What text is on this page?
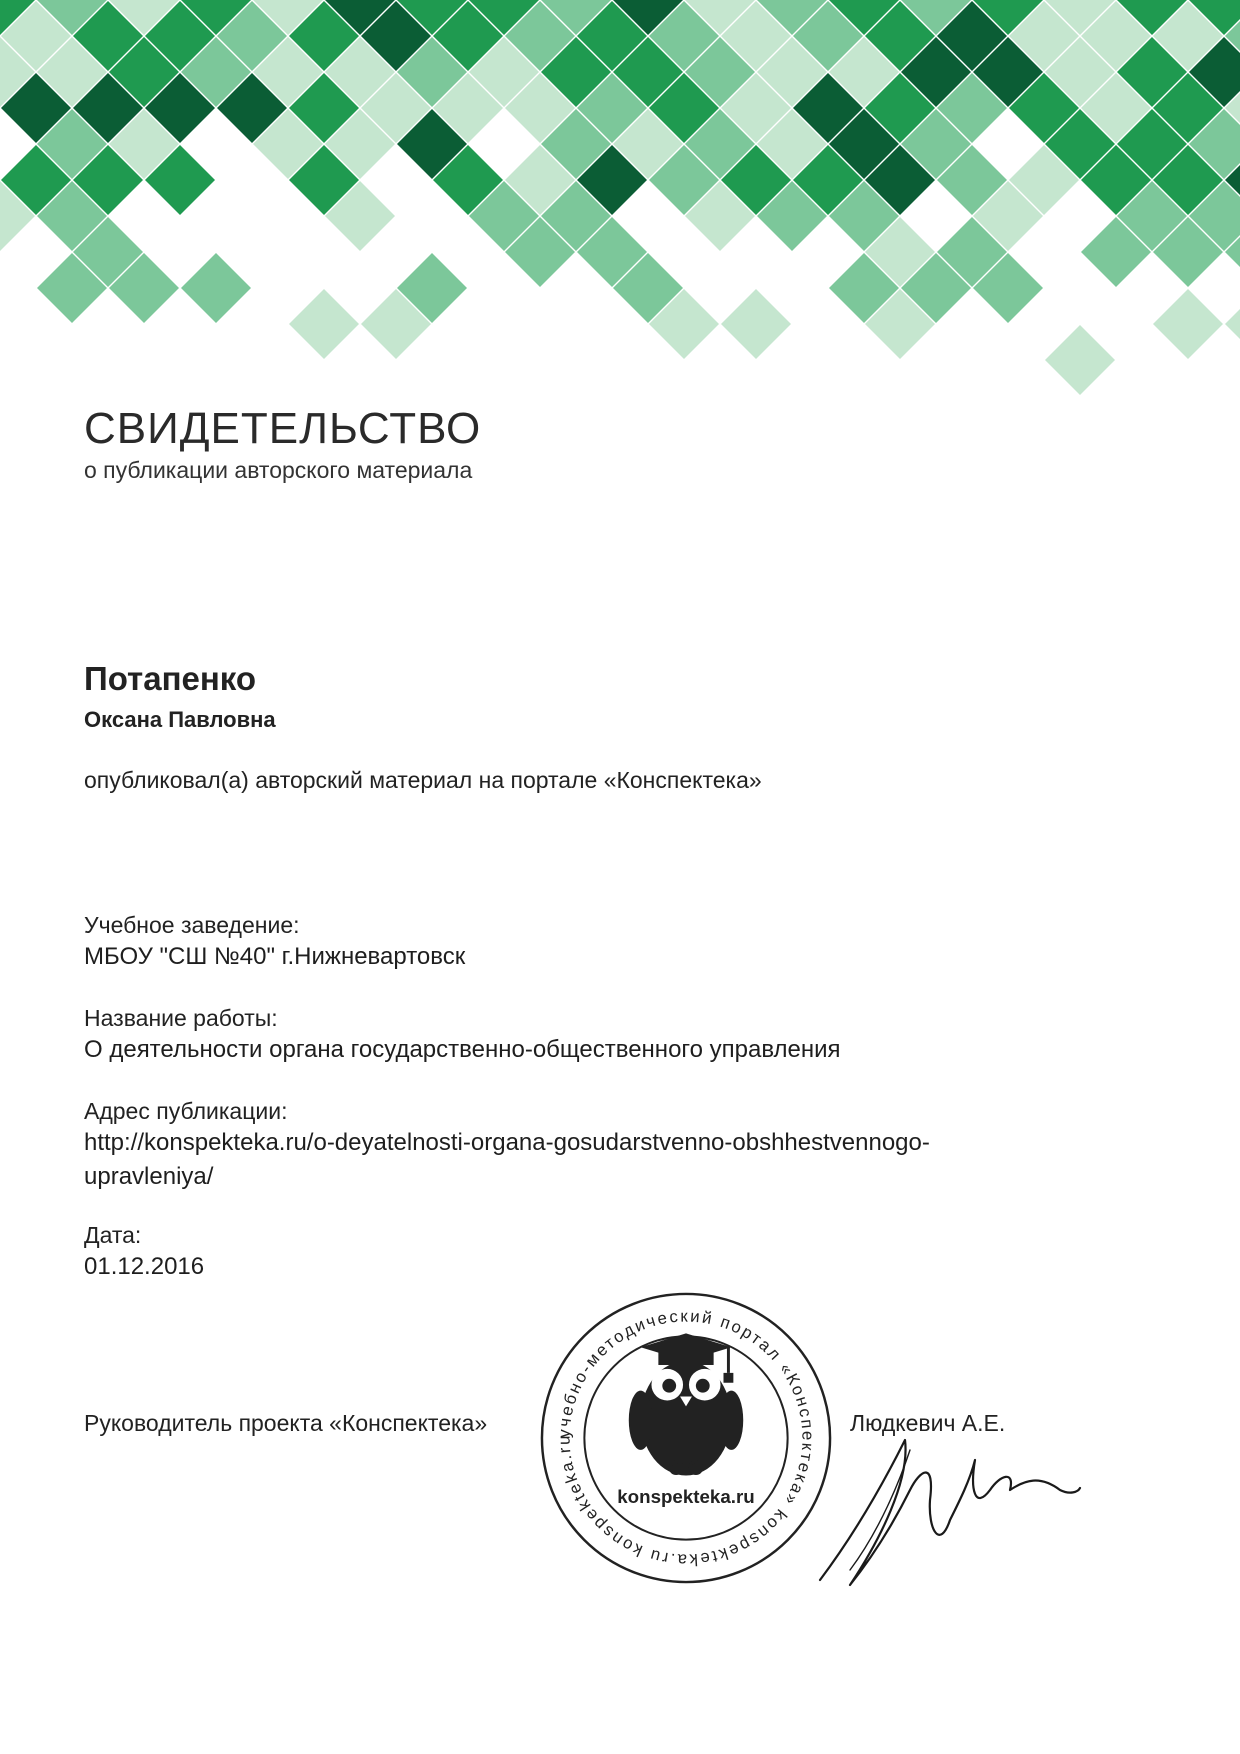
СВИДЕТЕЛЬСТВО

о публикации авторского материала

Потапенко

Оксана Павловна

опубликовал(а) авторский материал на портале «Конспектека»

Учебное заведение:

МБОУ "СШ №40" г.Нижневартовск

Название работы:

О деятельности органа государственно-общественного управления

Адрес публикации:

http://konspekteka.ru/o-deyatelnosti-organa-gosudarstvenno-obshhestvennogo-

upravleniya/

Дата:

01.12.2016

Руководитель проекта «Конспектека»	Людкевич А.Е.

учебно-методический портал «Конспектека» konspekteka.ru konspekteka.ru
konspekteka.ru
